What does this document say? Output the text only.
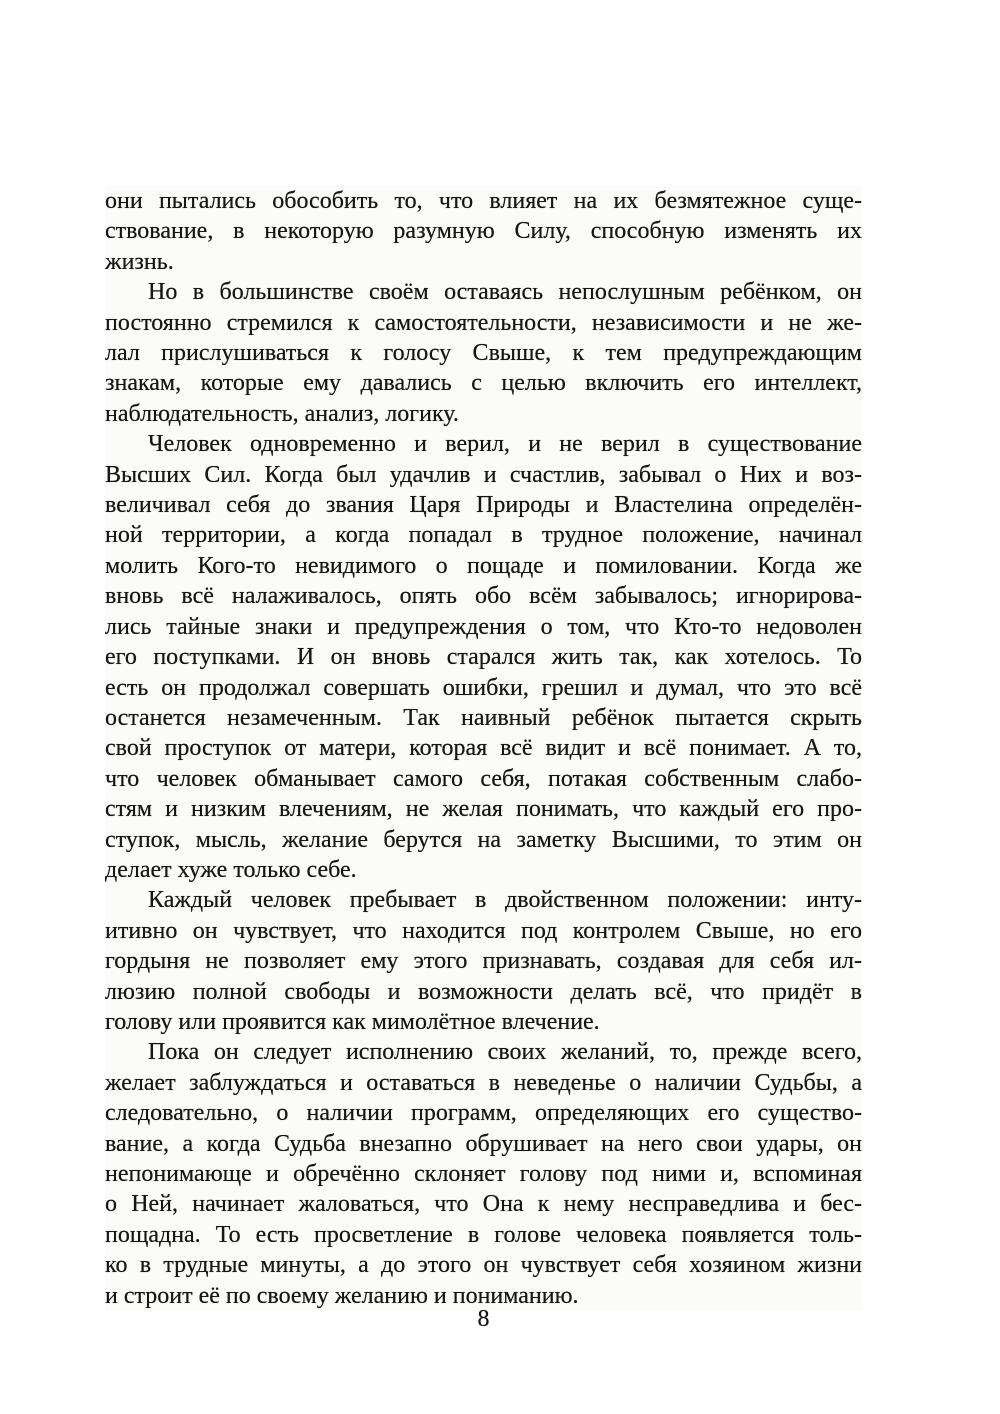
они пытались обособить то, что влияет на их безмятежное суще-
ствование, в некоторую разумную Силу, способную изменять их
жизнь.

Но в большинстве своём оставаясь непослушным ребёнком, он
постоянно стремился к самостоятельности, независимости и не же-
лал прислушиваться к голосу Свыше, к тем предупреждающим
знакам, которые ему давались с целью включить его интеллект,
наблюдательность, анализ, логику.

Человек одновременно и верил, и не верил в существование
Высших Сил. Когда был удачлив и счастлив, забывал о Них и воз-
величивал себя до звания Царя Природы и Властелина определён-
ной территории, а когда попадал в трудное положение, начинал
молить Кого-то невидимого о пощаде и помиловании. Когда же
вновь всё налаживалось, опять обо всём забывалось; игнорирова-
лись тайные знаки и предупреждения о том, что Кто-то недоволен
его поступками. И он вновь старался жить так, как хотелось. То
есть он продолжал совершать ошибки, грешил и думал, что это всё
останется незамеченным. Так наивный ребёнок пытается скрыть
свой проступок от матери, которая всё видит и всё понимает. А то,
что человек обманывает самого себя, потакая собственным слабо-
стям и низким влечениям, не желая понимать, что каждый его про-
ступок, мысль, желание берутся на заметку Высшими, то этим он
делает хуже только себе.

Каждый человек пребывает в двойственном положении: инту-
итивно он чувствует, что находится под контролем Свыше, но его
гордыня не позволяет ему этого признавать, создавая для себя ил-
люзию полной свободы и возможности делать всё, что придёт в
голову или проявится как мимолётное влечение.

Пока он следует исполнению своих желаний, то, прежде всего,
желает заблуждаться и оставаться в неведенье о наличии Судьбы, а
следовательно, о наличии программ, определяющих его существо-
вание, а когда Судьба внезапно обрушивает на него свои удары, он
непонимающе и обречённо склоняет голову под ними и, вспоминая
о Ней, начинает жаловаться, что Она к нему несправедлива и бес-
пощадна. То есть просветление в голове человека появляется толь-
ко в трудные минуты, а до этого он чувствует себя хозяином жизни
и строит её по своему желанию и пониманию.

8
